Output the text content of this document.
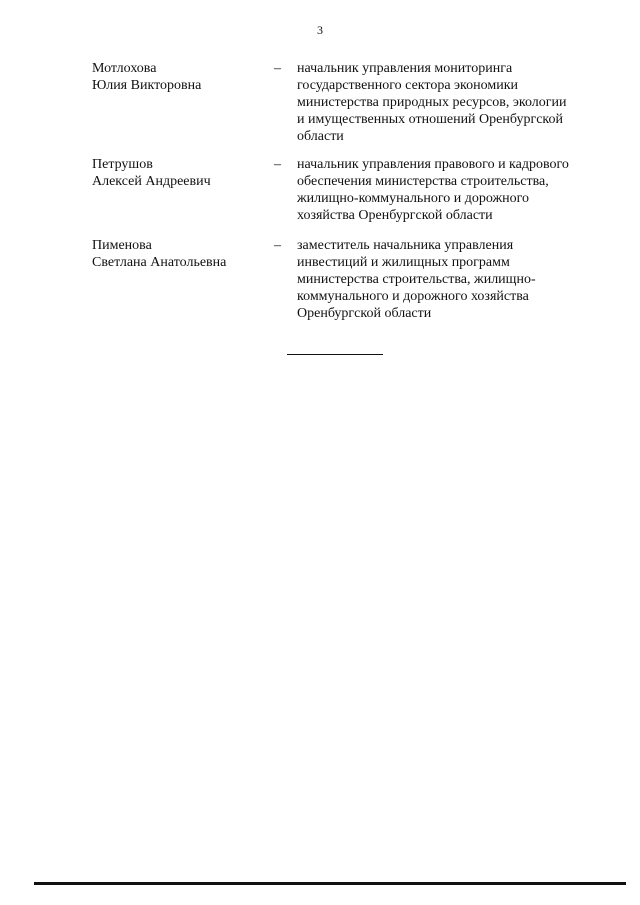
3
Мотлохова
Юлия Викторовна
– начальник управления мониторинга
государственного сектора экономики
министерства природных ресурсов, экологии
и имущественных отношений Оренбургской
области
Петрушов
Алексей Андреевич
– начальник управления правового и кадрового
обеспечения министерства строительства,
жилищно-коммунального и дорожного
хозяйства Оренбургской области
Пименова
Светлана Анатольевна
– заместитель начальника управления
инвестиций и жилищных программ
министерства строительства, жилищно-
коммунального и дорожного хозяйства
Оренбургской области
